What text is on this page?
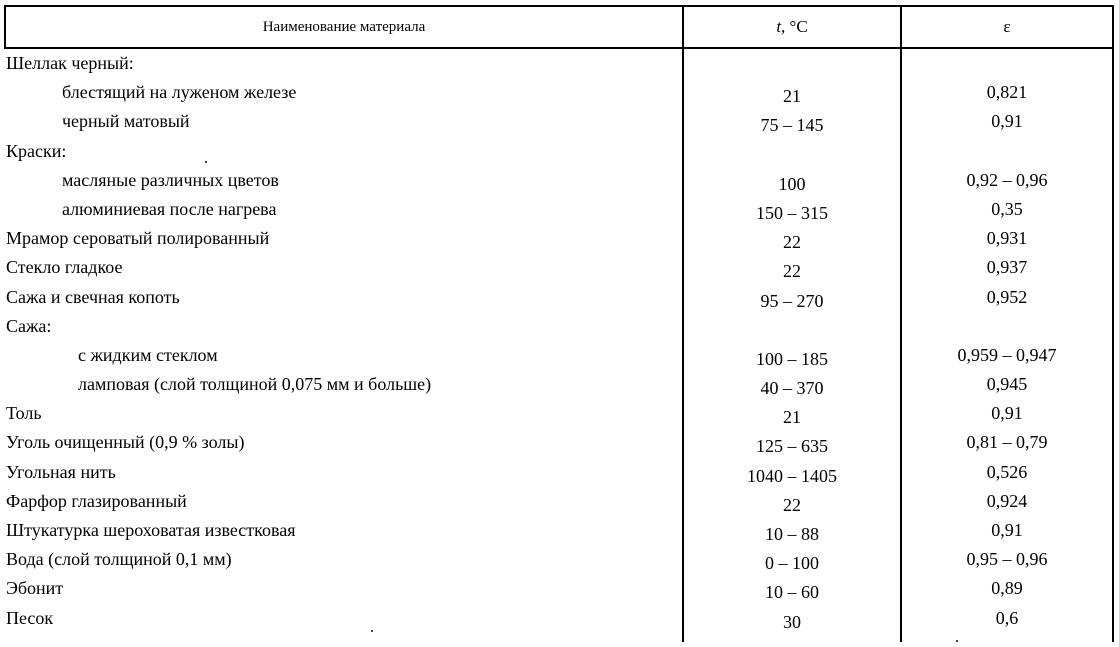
Наименование материала	t , °С	ε
Шеллак черный:
блестящий на луженом железе	21	0,821
черный матовый	75 – 145	0,91
Краски:
масляные различных цветов	100	0,92 – 0,96
алюминиевая после нагрева	150 – 315	0,35
Мрамор сероватый полированный	22	0,931
Стекло гладкое	22	0,937
Сажа и свечная копоть	95 – 270	0,952
Сажа:
с жидким стеклом	100 – 185	0,959 – 0,947
ламповая (слой толщиной 0,075 мм и больше)	40 – 370	0,945
Толь	21	0,91
Уголь очищенный (0,9 % золы)	125 – 635	0,81 – 0,79
Угольная нить	1040 – 1405	0,526
Фарфор глазированный	22	0,924
Штукатурка шероховатая известковая	10 – 88	0,91
Вода (слой толщиной 0,1 мм)	0 – 100	0,95 – 0,96
Эбонит	10 – 60	0,89
Песок	30	0,6
